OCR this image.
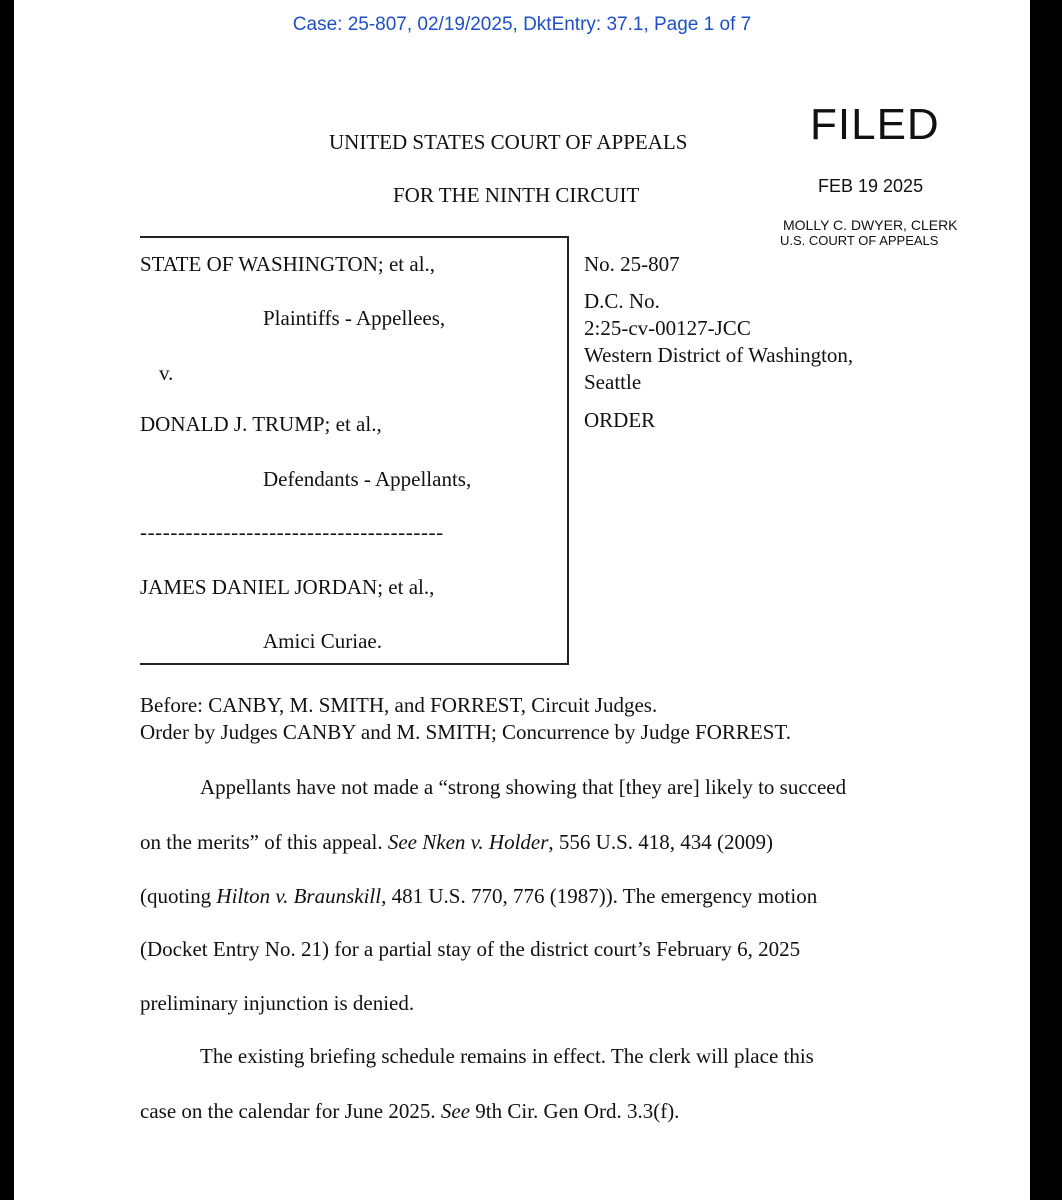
Case: 25-807, 02/19/2025, DktEntry: 37.1, Page 1 of 7
UNITED STATES COURT OF APPEALS
FOR THE NINTH CIRCUIT
FILED
FEB 19 2025
MOLLY C. DWYER, CLERK
U.S. COURT OF APPEALS
STATE OF WASHINGTON; et al.,
Plaintiffs - Appellees,
v.
DONALD J. TRUMP; et al.,
Defendants - Appellants,
----------------------------------------
JAMES DANIEL JORDAN; et al.,
Amici Curiae.
No. 25-807
D.C. No.
2:25-cv-00127-JCC
Western District of Washington,
Seattle
ORDER
Before: CANBY, M. SMITH, and FORREST, Circuit Judges.
Order by Judges CANBY and M. SMITH; Concurrence by Judge FORREST.
Appellants have not made a “strong showing that [they are] likely to succeed
on the merits” of this appeal. See Nken v. Holder, 556 U.S. 418, 434 (2009)
(quoting Hilton v. Braunskill, 481 U.S. 770, 776 (1987)). The emergency motion
(Docket Entry No. 21) for a partial stay of the district court’s February 6, 2025
preliminary injunction is denied.
The existing briefing schedule remains in effect. The clerk will place this
case on the calendar for June 2025. See 9th Cir. Gen Ord. 3.3(f).
